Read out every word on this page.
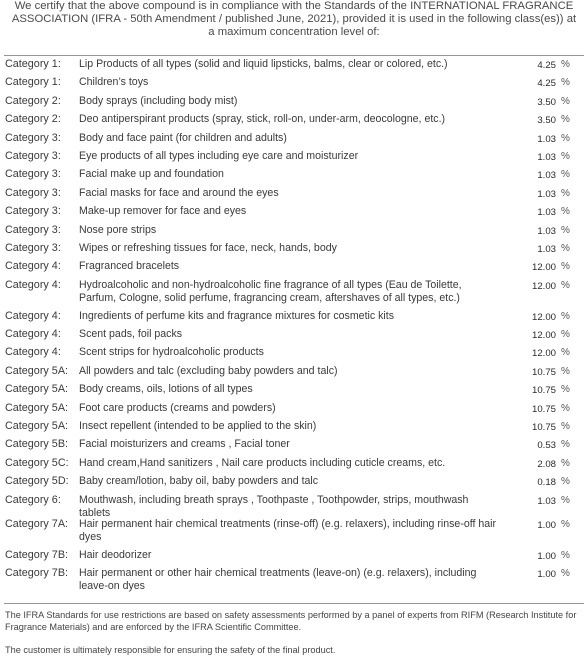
We certify that the above compound is in compliance with the Standards of the INTERNATIONAL FRAGRANCE
ASSOCIATION (IFRA - 50th Amendment / published June, 2021), provided it is used in the following class(es)) at
a maximum concentration level of:
Category 1: Lip Products of all types (solid and liquid lipsticks, balms, clear or colored, etc.)	4.25 %
Category 1: Children’s toys	4.25 %
Category 2: Body sprays (including body mist)	3.50 %
Category 2: Deo antiperspirant products (spray, stick, roll-on, under-arm, deocologne, etc.)	3.50 %
Category 3: Body and face paint (for children and adults)	1.03 %
Category 3: Eye products of all types including eye care and moisturizer	1.03 %
Category 3: Facial make up and foundation	1.03 %
Category 3: Facial masks for face and around the eyes	1.03 %
Category 3: Make-up remover for face and eyes	1.03 %
Category 3: Nose pore strips	1.03 %
Category 3: Wipes or refreshing tissues for face, neck, hands, body	1.03 %
Category 4: Fragranced bracelets	12.00 %
Category 4: Hydroalcoholic and non-hydroalcoholic fine fragrance of all types (Eau de Toilette, Parfum, Cologne, solid perfume, fragrancing cream, aftershaves of all types, etc.)
12.00 %
Category 4: Ingredients of perfume kits and fragrance mixtures for cosmetic kits	12.00 %
Category 4: Scent pads, foil packs	12.00 %
Category 4: Scent strips for hydroalcoholic products	12.00 %
Category 5A: All powders and talc (excluding baby powders and talc)	10.75 %
Category 5A: Body creams, oils, lotions of all types	10.75 %
Category 5A: Foot care products (creams and powders)	10.75 %
Category 5A: Insect repellent (intended to be applied to the skin)	10.75 %
Category 5B: Facial moisturizers and creams , Facial toner	0.53 %
Category 5C: Hand cream,Hand sanitizers , Nail care products including cuticle creams, etc.	2.08 %
Category 5D: Baby cream/lotion, baby oil, baby powders and talc	0.18 %
Category 6: Mouthwash, including breath sprays , Toothpaste , Toothpowder, strips, mouthwash tablets
1.03 %
Category 7A: Hair permanent hair chemical treatments (rinse-off) (e.g. relaxers), including rinse-off hair dyes
1.00 %
Category 7B: Hair deodorizer	1.00 %
Category 7B: Hair permanent or other hair chemical treatments (leave-on) (e.g. relaxers), including leave-on dyes
1.00 %

The IFRA Standards for use restrictions are based on safety assessments performed by a panel of experts from RIFM (Research Institute for Fragrance Materials) and are enforced by the IFRA Scientific Committee.

The customer is ultimately responsible for ensuring the safety of the final product.
